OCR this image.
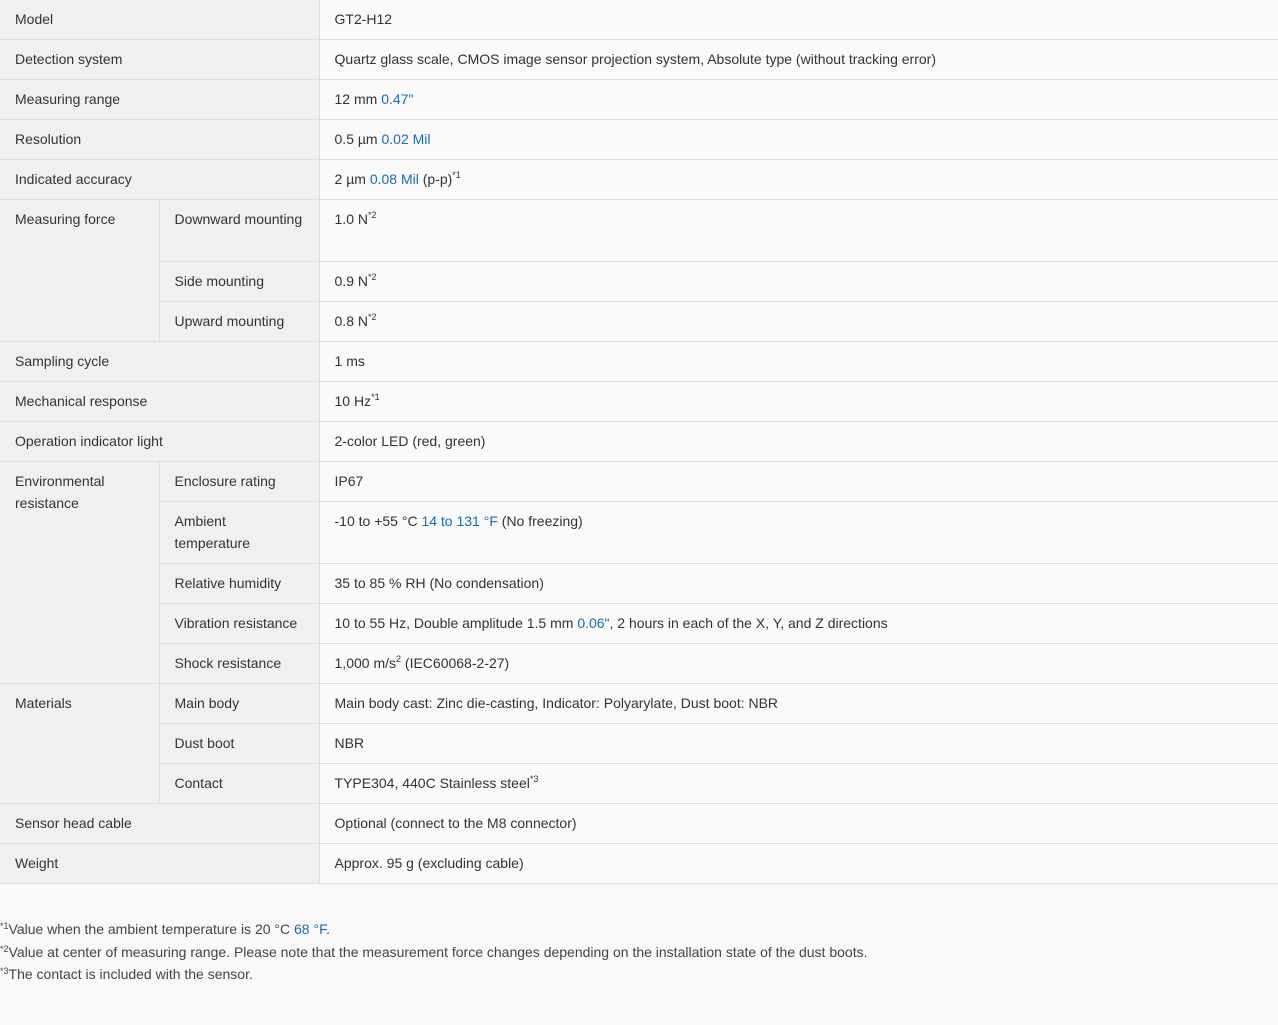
Model		GT2-H12
Detection system		Quartz glass scale, CMOS image sensor projection system, Absolute type (without tracking error)
Measuring range		12 mm 0.47"
Resolution		0.5 µm 0.02 Mil
Indicated accuracy		2 µm 0.08 Mil $(p-p)^{*1}$
Measuring force	Downward mounting	1.0 $N^{*2}$
	Side mounting	0.9 $N^{*2}$
	Upward mounting	0.8 $N^{*2}$
Sampling cycle		1 ms
Mechanical response		10 Hz$^{*1}$
Operation indicator light		2-color LED (red, green)
Environmental resistance	Enclosure rating	IP67
	Ambient temperature	-10 to +55 °C 14 to 131 °F (No freezing)
	Relative humidity	35 to 85 % RH (No condensation)
	Vibration resistance	10 to 55 Hz, Double amplitude 1.5 mm 0.06", 2 hours in each of the X, Y, and Z directions
	Shock resistance	1,000 $m/s^2$ (IEC60068-2-27)
Materials	Main body	Main body cast: Zinc die-casting, Indicator: Polyarylate, Dust boot: NBR
	Dust boot	NBR
	Contact	TYPE304, 440C Stainless steel$^{*3}$
Sensor head cable		Optional (connect to the M8 connector)
Weight		Approx. 95 g (excluding cable)
$^{*1}$Value when the ambient temperature is 20 °C 68 °F.
$^{*2}$Value at center of measuring range. Please note that the measurement force changes depending on the installation state of the dust boots.
$^{*3}$The contact is included with the sensor.
